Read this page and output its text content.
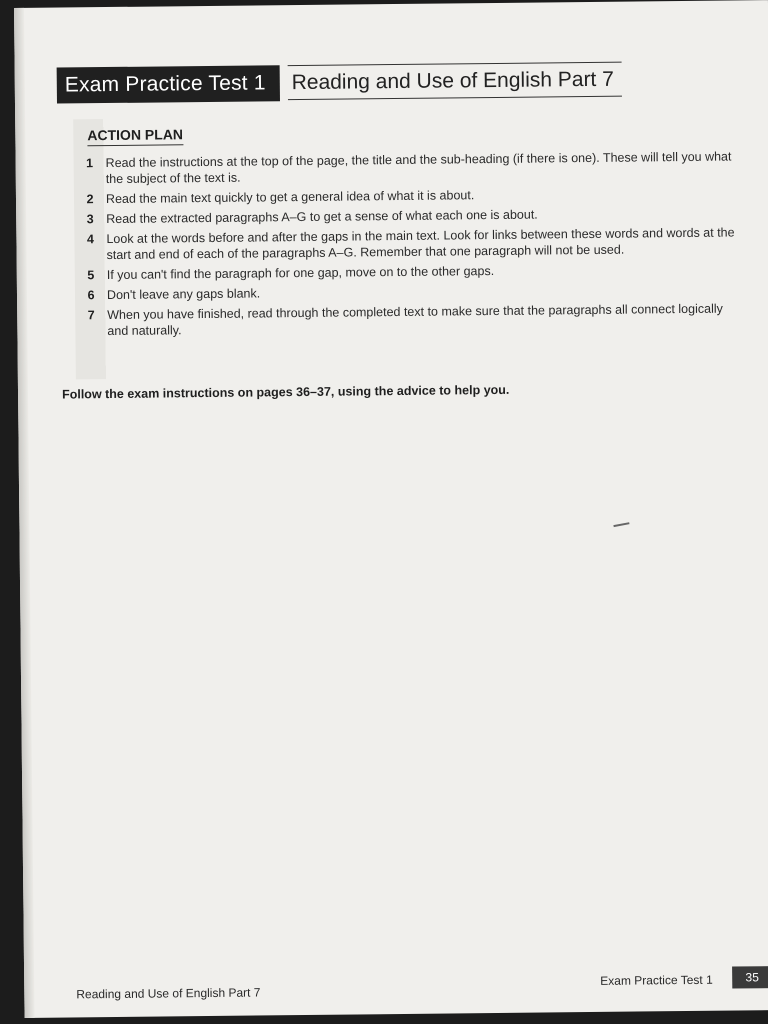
Exam Practice Test 1	Reading and Use of English Part 7
ACTION PLAN
1 Read the instructions at the top of the page, the title and the sub-heading (if there is one). These will tell you what the subject of the text is.
2 Read the main text quickly to get a general idea of what it is about.
3 Read the extracted paragraphs A–G to get a sense of what each one is about.
4 Look at the words before and after the gaps in the main text. Look for links between these words and words at the start and end of each of the paragraphs A–G. Remember that one paragraph will not be used.
5 If you can't find the paragraph for one gap, move on to the other gaps.
6 Don't leave any gaps blank.
7 When you have finished, read through the completed text to make sure that the paragraphs all connect logically and naturally.
Follow the exam instructions on pages 36–37, using the advice to help you.
Reading and Use of English Part 7
Exam Practice Test 1	35
